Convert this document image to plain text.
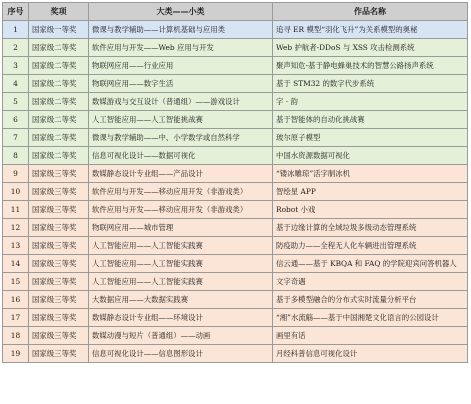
序号	奖项	大类——小类	作品名称
1	国家级一等奖	微课与教学辅助——计算机基础与应用类	追寻 ER 模型“羽化飞升”为关系模型的奥秘
2	国家级二等奖	软件应用与开发——Web 应用与开发	Web 护航者-DDoS 与 XSS 攻击检测系统
3	国家级二等奖	物联网应用——行业应用	聚声知危-基于静电蜂巢技术的智慧公路扬声系统
4	国家级二等奖	物联网应用——数字生活	基于 STM32 的数字代步系统
5	国家级二等奖	数媒游戏与交互设计（普通组）——游戏设计	字 · 韵
6	国家级二等奖	人工智能应用——人工智能挑战赛	基于智能体的自动化挑战赛
7	国家级二等奖	微课与教学辅助——中、小学数学或自然科学	玻尔原子模型
8	国家级二等奖	信息可视化设计——数据可视化	中国水资源数据可视化
9	国家级三等奖	数媒静态设计专业组——产品设计	“镂冰雕琼”活字制冰机
10	国家级三等奖	软件应用与开发——移动应用开发（非游戏类）	智绘星 APP
11	国家级三等奖	软件应用与开发——移动应用开发（非游戏类）	Robot 小戏
12	国家级三等奖	物联网应用——城市管理	基于边缘计算的全域垃圾多级动态管理系统
13	国家级三等奖	人工智能应用——人工智能实践赛	防疫助力——全程无人化车辆进出管理系统
14	国家级三等奖	人工智能应用——人工智能实践赛	信云通——基于 KBQA 和 FAQ 的学院迎宾问答机器人
15	国家级三等奖	人工智能应用——人工智能实践赛	文字奇遇
16	国家级三等奖	大数据应用——大数据实践赛	基于多模型融合的分布式实时流量分析平台
17	国家级三等奖	数媒静态设计专业组——环境设计	“湘”水流觞——基于中国湘楚文化语言的公园设计
18	国家级三等奖	数媒动漫与短片（普通组）——动画	画里有话
19	国家级三等奖	信息可视化设计——信息图形设计	月经科普信息可视化设计
